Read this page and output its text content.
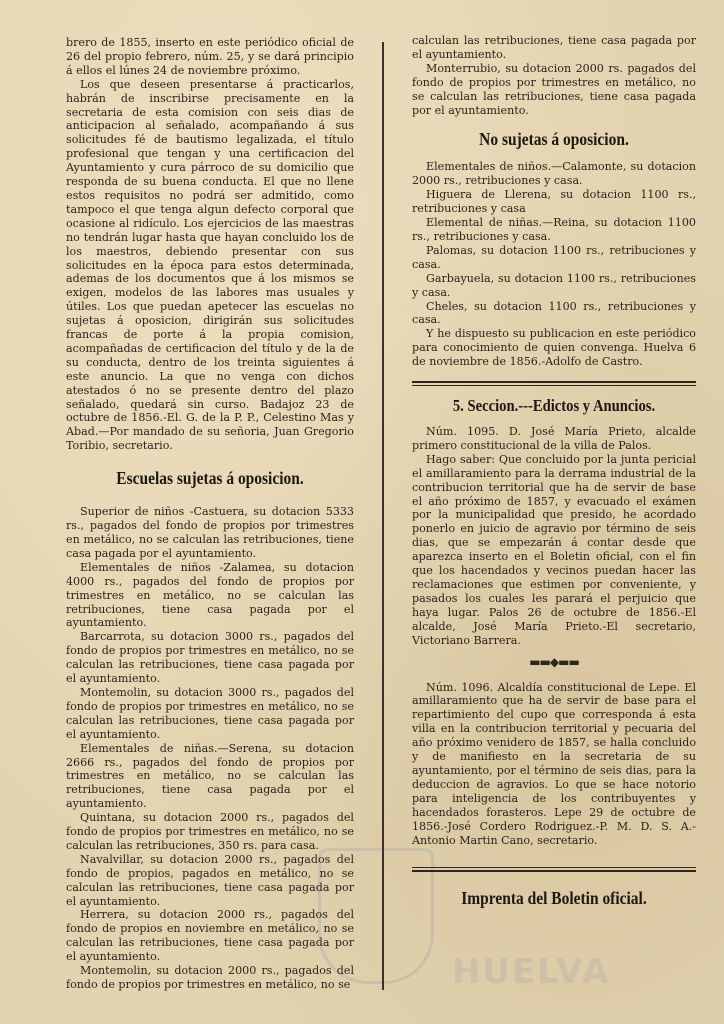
HUELVA

brero de 1855, inserto en este periódico oficial de 26 del propio febrero, núm. 25, y se dará principio á ellos el lúnes 24 de noviembre próximo.

Los que deseen presentarse á practicarlos, habrán de inscribirse precisamente en la secretaria de esta comision con seis dias de anticipacion al señalado, acompañando á sus solicitudes fé de bautismo legalizada, el título profesional que tengan y una certificacion del Ayuntamiento y cura párroco de su domicilio que responda de su buena conducta. El que no llene estos requisitos no podrá ser admitido, como tampoco el que tenga algun defecto corporal que ocasione al ridículo. Los ejercicios de las maestras no tendrán lugar hasta que hayan concluido los de los maestros, debiendo presentar con sus solicitudes en la época para estos determinada, ademas de los documentos que á los mismos se exigen, modelos de las labores mas usuales y útiles. Los que puedan apetecer las escuelas no sujetas á oposicion, dirigirán sus solicitudes francas de porte á la propia comision, acompañadas de certificacion del título y de la de su conducta, dentro de los treinta siguientes á este anuncio. La que no venga con dichos atestados ó no se presente dentro del plazo señalado, quedará sin curso. Badajoz 23 de octubre de 1856.-El. G. de la P. P., Celestino Mas y Abad.—Por mandado de su señoria, Juan Gregorio Toribio, secretario.

Escuelas sujetas á oposicion.

Superior de niños -Castuera, su dotacion 5333 rs., pagados del fondo de propios por trimestres en metálico, no se calculan las retribuciones, tiene casa pagada por el ayuntamiento.

Elementales de niños -Zalamea, su dotacion 4000 rs., pagados del fondo de propios por trimestres en metálico, no se calculan las retribuciones, tiene casa pagada por el ayuntamiento.

Barcarrota, su dotacion 3000 rs., pagados del fondo de propios por trimestres en metálico, no se calculan las retribuciones, tiene casa pagada por el ayuntamiento.

Montemolin, su dotacion 3000 rs., pagados del fondo de propios por trimestres en metálico, no se calculan las retribuciones, tiene casa pagada por el ayuntamiento.

Elementales de niñas.—Serena, su dotacion 2666 rs., pagados del fondo de propios por trimestres en metálico, no se calculan las retribuciones, tiene casa pagada por el ayuntamiento.

Quintana, su dotacion 2000 rs., pagados del fondo de propios por trimestres en metálico, no se calculan las retribuciones, 350 rs. para casa.

Navalvillar, su dotacion 2000 rs., pagados del fondo de propios, pagados en metálico, no se calculan las retribuciones, tiene casa pagada por el ayuntamiento.

Herrera, su dotacion 2000 rs., pagados del fondo de propios en noviembre en metálico, no se calculan las retribuciones, tiene casa pagada por el ayuntamiento.

Montemolin, su dotacion 2000 rs., pagados del fondo de propios por trimestres en metálico, no se

calculan las retribuciones, tiene casa pagada por el ayuntamiento.

Monterrubio, su dotacion 2000 rs. pagados del fondo de propios por trimestres en metálico, no se calculan las retribuciones, tiene casa pagada por el ayuntamiento.

No sujetas á oposicion.

Elementales de niños.—Calamonte, su dotacion 2000 rs., retribuciones y casa.

Higuera de Llerena, su dotacion 1100 rs., retribuciones y casa

Elemental de niñas.—Reina, su dotacion 1100 rs., retribuciones y casa.

Palomas, su dotacion 1100 rs., retribuciones y casa.

Garbayuela, su dotacion 1100 rs., retribuciones y casa.

Cheles, su dotacion 1100 rs., retribuciones y casa.

Y he dispuesto su publicacion en este periódico para conocimiento de quien convenga. Huelva 6 de noviembre de 1856.-Adolfo de Castro.

5. Seccion.---Edictos y Anuncios.

Núm. 1095. D. José María Prieto, alcalde primero constitucional de la villa de Palos.

Hago saber: Que concluido por la junta pericial el amillaramiento para la derrama industrial de la contribucion territorial que ha de servir de base el año próximo de 1857, y evacuado el exámen por la municipalidad que presido, he acordado ponerlo en juicio de agravio por término de seis dias, que se empezarán á contar desde que aparezca inserto en el Boletin oficial, con el fin que los hacendados y vecinos puedan hacer las reclamaciones que estimen por conveniente, y pasados los cuales les parará el perjuicio que haya lugar. Palos 26 de octubre de 1856.-El alcalde, José María Prieto.-El secretario, Victoriano Barrera.

▬▬◆▬▬

Núm. 1096. Alcaldía constitucional de Lepe. El amillaramiento que ha de servir de base para el repartimiento del cupo que corresponda á esta villa en la contribucion territorial y pecuaria del año próximo venidero de 1857, se halla concluido y de manifiesto en la secretaria de su ayuntamiento, por el término de seis dias, para la deduccion de agravios. Lo que se hace notorio para inteligencia de los contribuyentes y hacendados forasteros. Lepe 29 de octubre de 1856.-José Cordero Rodriguez.-P. M. D. S. A.-Antonio Martin Cano, secretario.

Imprenta del Boletin oficial.
